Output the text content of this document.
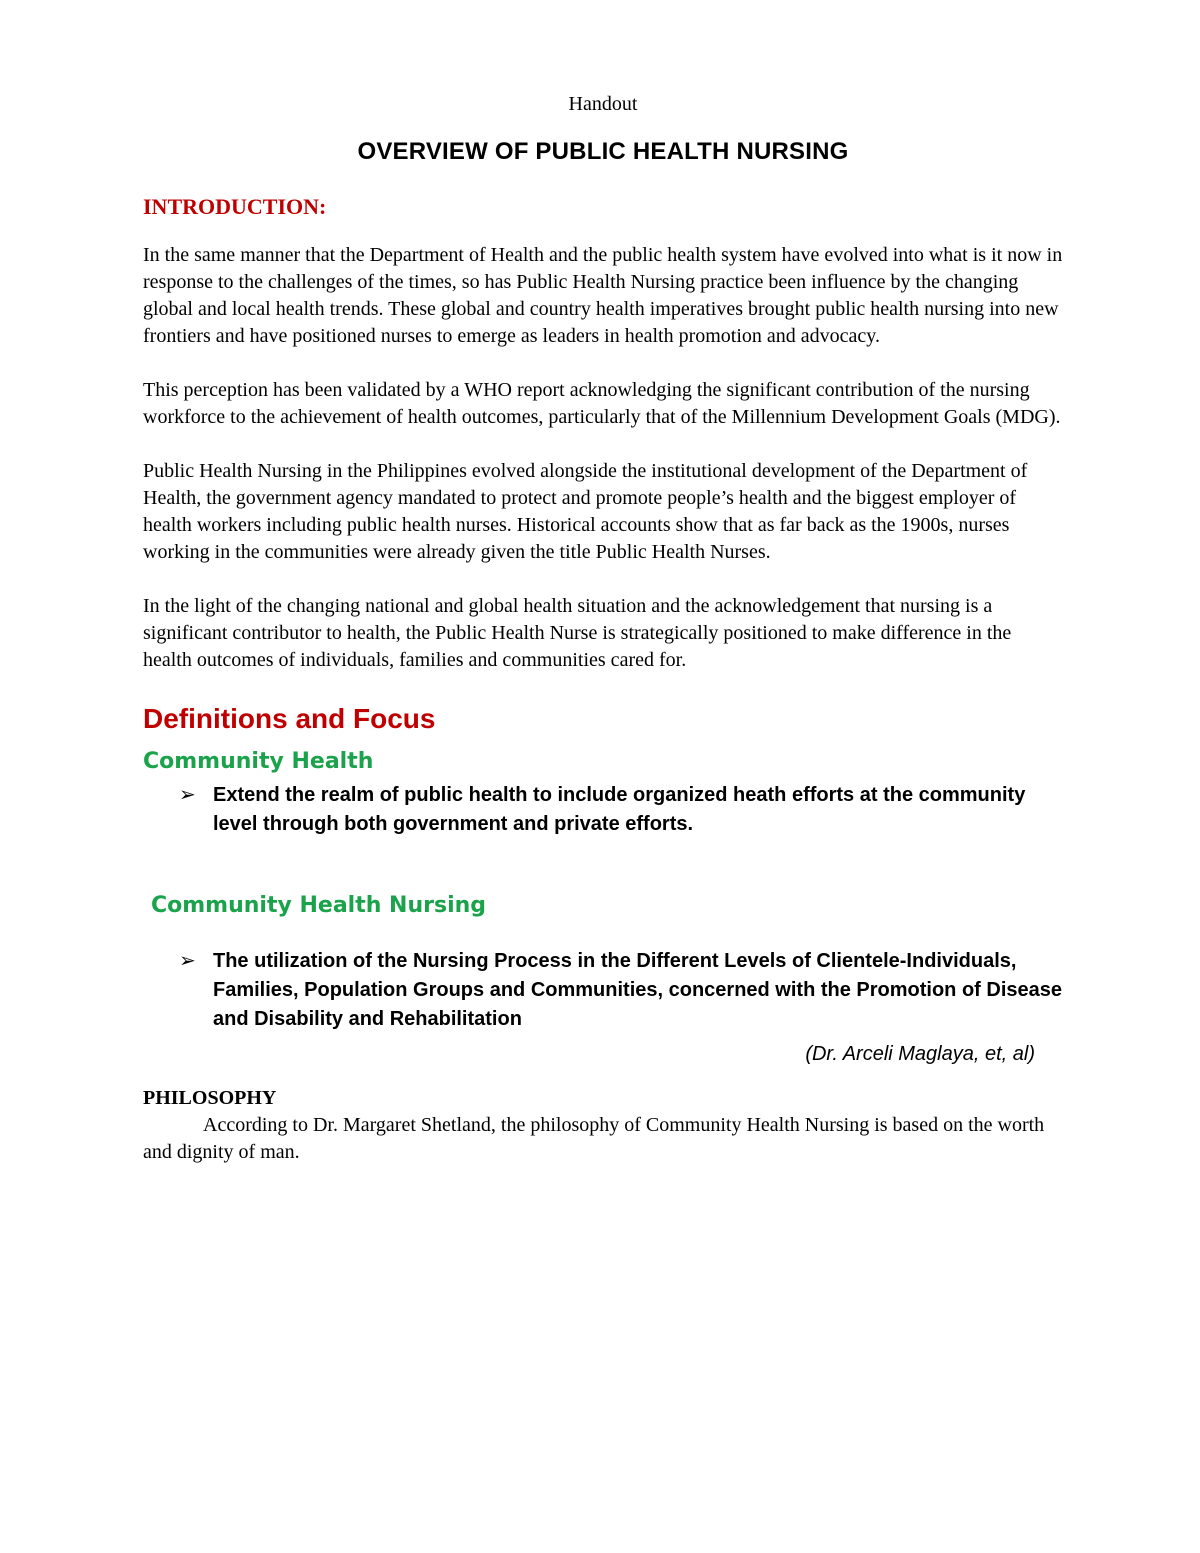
Handout

OVERVIEW OF PUBLIC HEALTH NURSING
INTRODUCTION:

In the same manner that the Department of Health and the public health system have evolved into what is it now in response to the challenges of the times, so has Public Health Nursing practice been influence by the changing global and local health trends. These global and country health imperatives brought public health nursing into new frontiers and have positioned nurses to emerge as leaders in health promotion and advocacy.

This perception has been validated by a WHO report acknowledging the significant contribution of the nursing workforce to the achievement of health outcomes, particularly that of the Millennium Development Goals (MDG).

Public Health Nursing in the Philippines evolved alongside the institutional development of the Department of Health, the government agency mandated to protect and promote people’s health and the biggest employer of health workers including public health nurses. Historical accounts show that as far back as the 1900s, nurses working in the communities were already given the title Public Health Nurses.

In the light of the changing national and global health situation and the acknowledgement that nursing is a significant contributor to health, the Public Health Nurse is strategically positioned to make difference in the health outcomes of individuals, families and communities cared for.

Definitions and Focus
Community Health

➢ Extend the realm of public health to include organized heath efforts at the community level through both government and private efforts.

Community Health Nursing

➢ The utilization of the Nursing Process in the Different Levels of Clientele-Individuals, Families, Population Groups and Communities, concerned with the Promotion of Disease and Disability and Rehabilitation

(Dr. Arceli Maglaya, et, al)

PHILOSOPHY

According to Dr. Margaret Shetland, the philosophy of Community Health Nursing is based on the worth and dignity of man.
